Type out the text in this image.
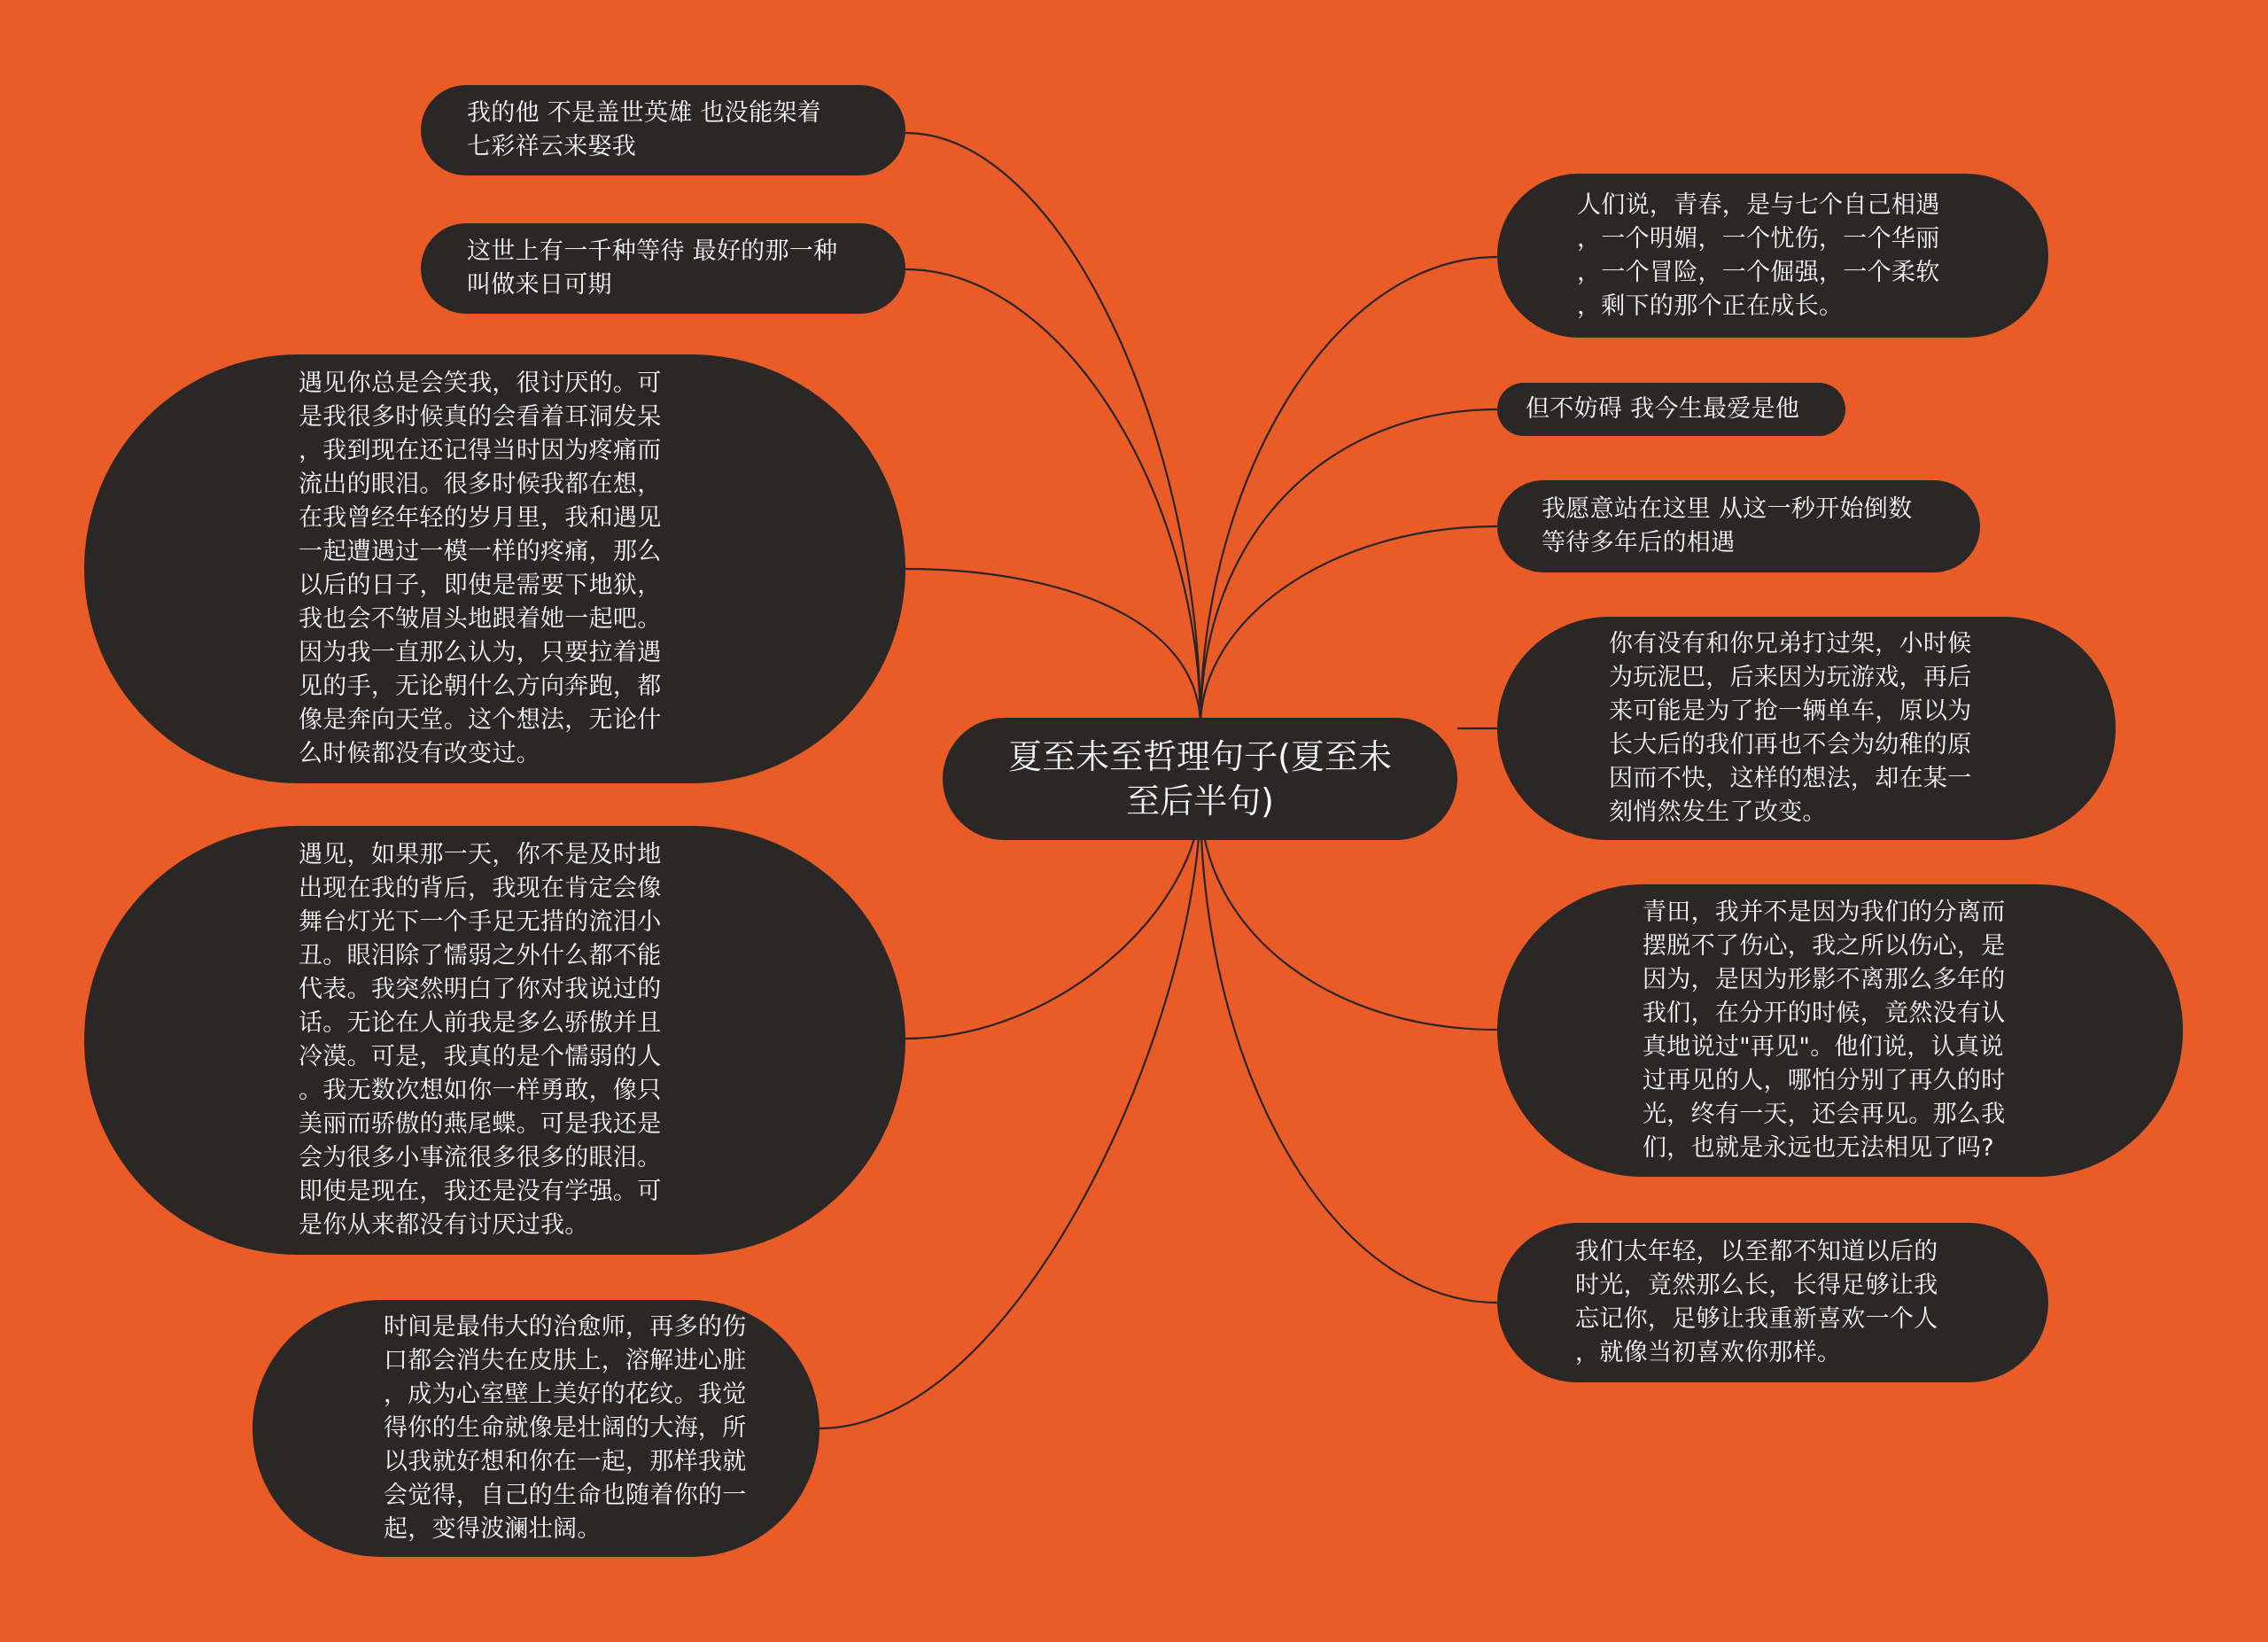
夏至未至哲理句子(夏至未
至后半句)
我的他 不是盖世英雄 也没能架着
七彩祥云来娶我
这世上有一千种等待 最好的那一种
叫做来日可期
遇见你总是会笑我，很讨厌的。可
是我很多时候真的会看着耳洞发呆
，我到现在还记得当时因为疼痛而
流出的眼泪。很多时候我都在想，
在我曾经年轻的岁月里，我和遇见
一起遭遇过一模一样的疼痛，那么
以后的日子，即使是需要下地狱，
我也会不皱眉头地跟着她一起吧。
因为我一直那么认为，只要拉着遇
见的手，无论朝什么方向奔跑，都
像是奔向天堂。这个想法，无论什
么时候都没有改变过。
遇见，如果那一天，你不是及时地
出现在我的背后，我现在肯定会像
舞台灯光下一个手足无措的流泪小
丑。眼泪除了懦弱之外什么都不能
代表。我突然明白了你对我说过的
话。无论在人前我是多么骄傲并且
冷漠。可是，我真的是个懦弱的人
。我无数次想如你一样勇敢，像只
美丽而骄傲的燕尾蝶。可是我还是
会为很多小事流很多很多的眼泪。
即使是现在，我还是没有学强。可
是你从来都没有讨厌过我。
时间是最伟大的治愈师，再多的伤
口都会消失在皮肤上，溶解进心脏
，成为心室壁上美好的花纹。我觉
得你的生命就像是壮阔的大海，所
以我就好想和你在一起，那样我就
会觉得，自己的生命也随着你的一
起，变得波澜壮阔。
人们说，青春，是与七个自己相遇
，一个明媚，一个忧伤，一个华丽
，一个冒险，一个倔强，一个柔软
，剩下的那个正在成长。
但不妨碍 我今生最爱是他
我愿意站在这里 从这一秒开始倒数
等待多年后的相遇
你有没有和你兄弟打过架，小时候
为玩泥巴，后来因为玩游戏，再后
来可能是为了抢一辆单车，原以为
长大后的我们再也不会为幼稚的原
因而不快，这样的想法，却在某一
刻悄然发生了改变。
青田，我并不是因为我们的分离而
摆脱不了伤心，我之所以伤心，是
因为，是因为形影不离那么多年的
我们，在分开的时候，竟然没有认
真地说过"再见"。他们说，认真说
过再见的人，哪怕分别了再久的时
光，终有一天，还会再见。那么我
们，也就是永远也无法相见了吗?
我们太年轻，以至都不知道以后的
时光，竟然那么长，长得足够让我
忘记你，足够让我重新喜欢一个人
，就像当初喜欢你那样。
